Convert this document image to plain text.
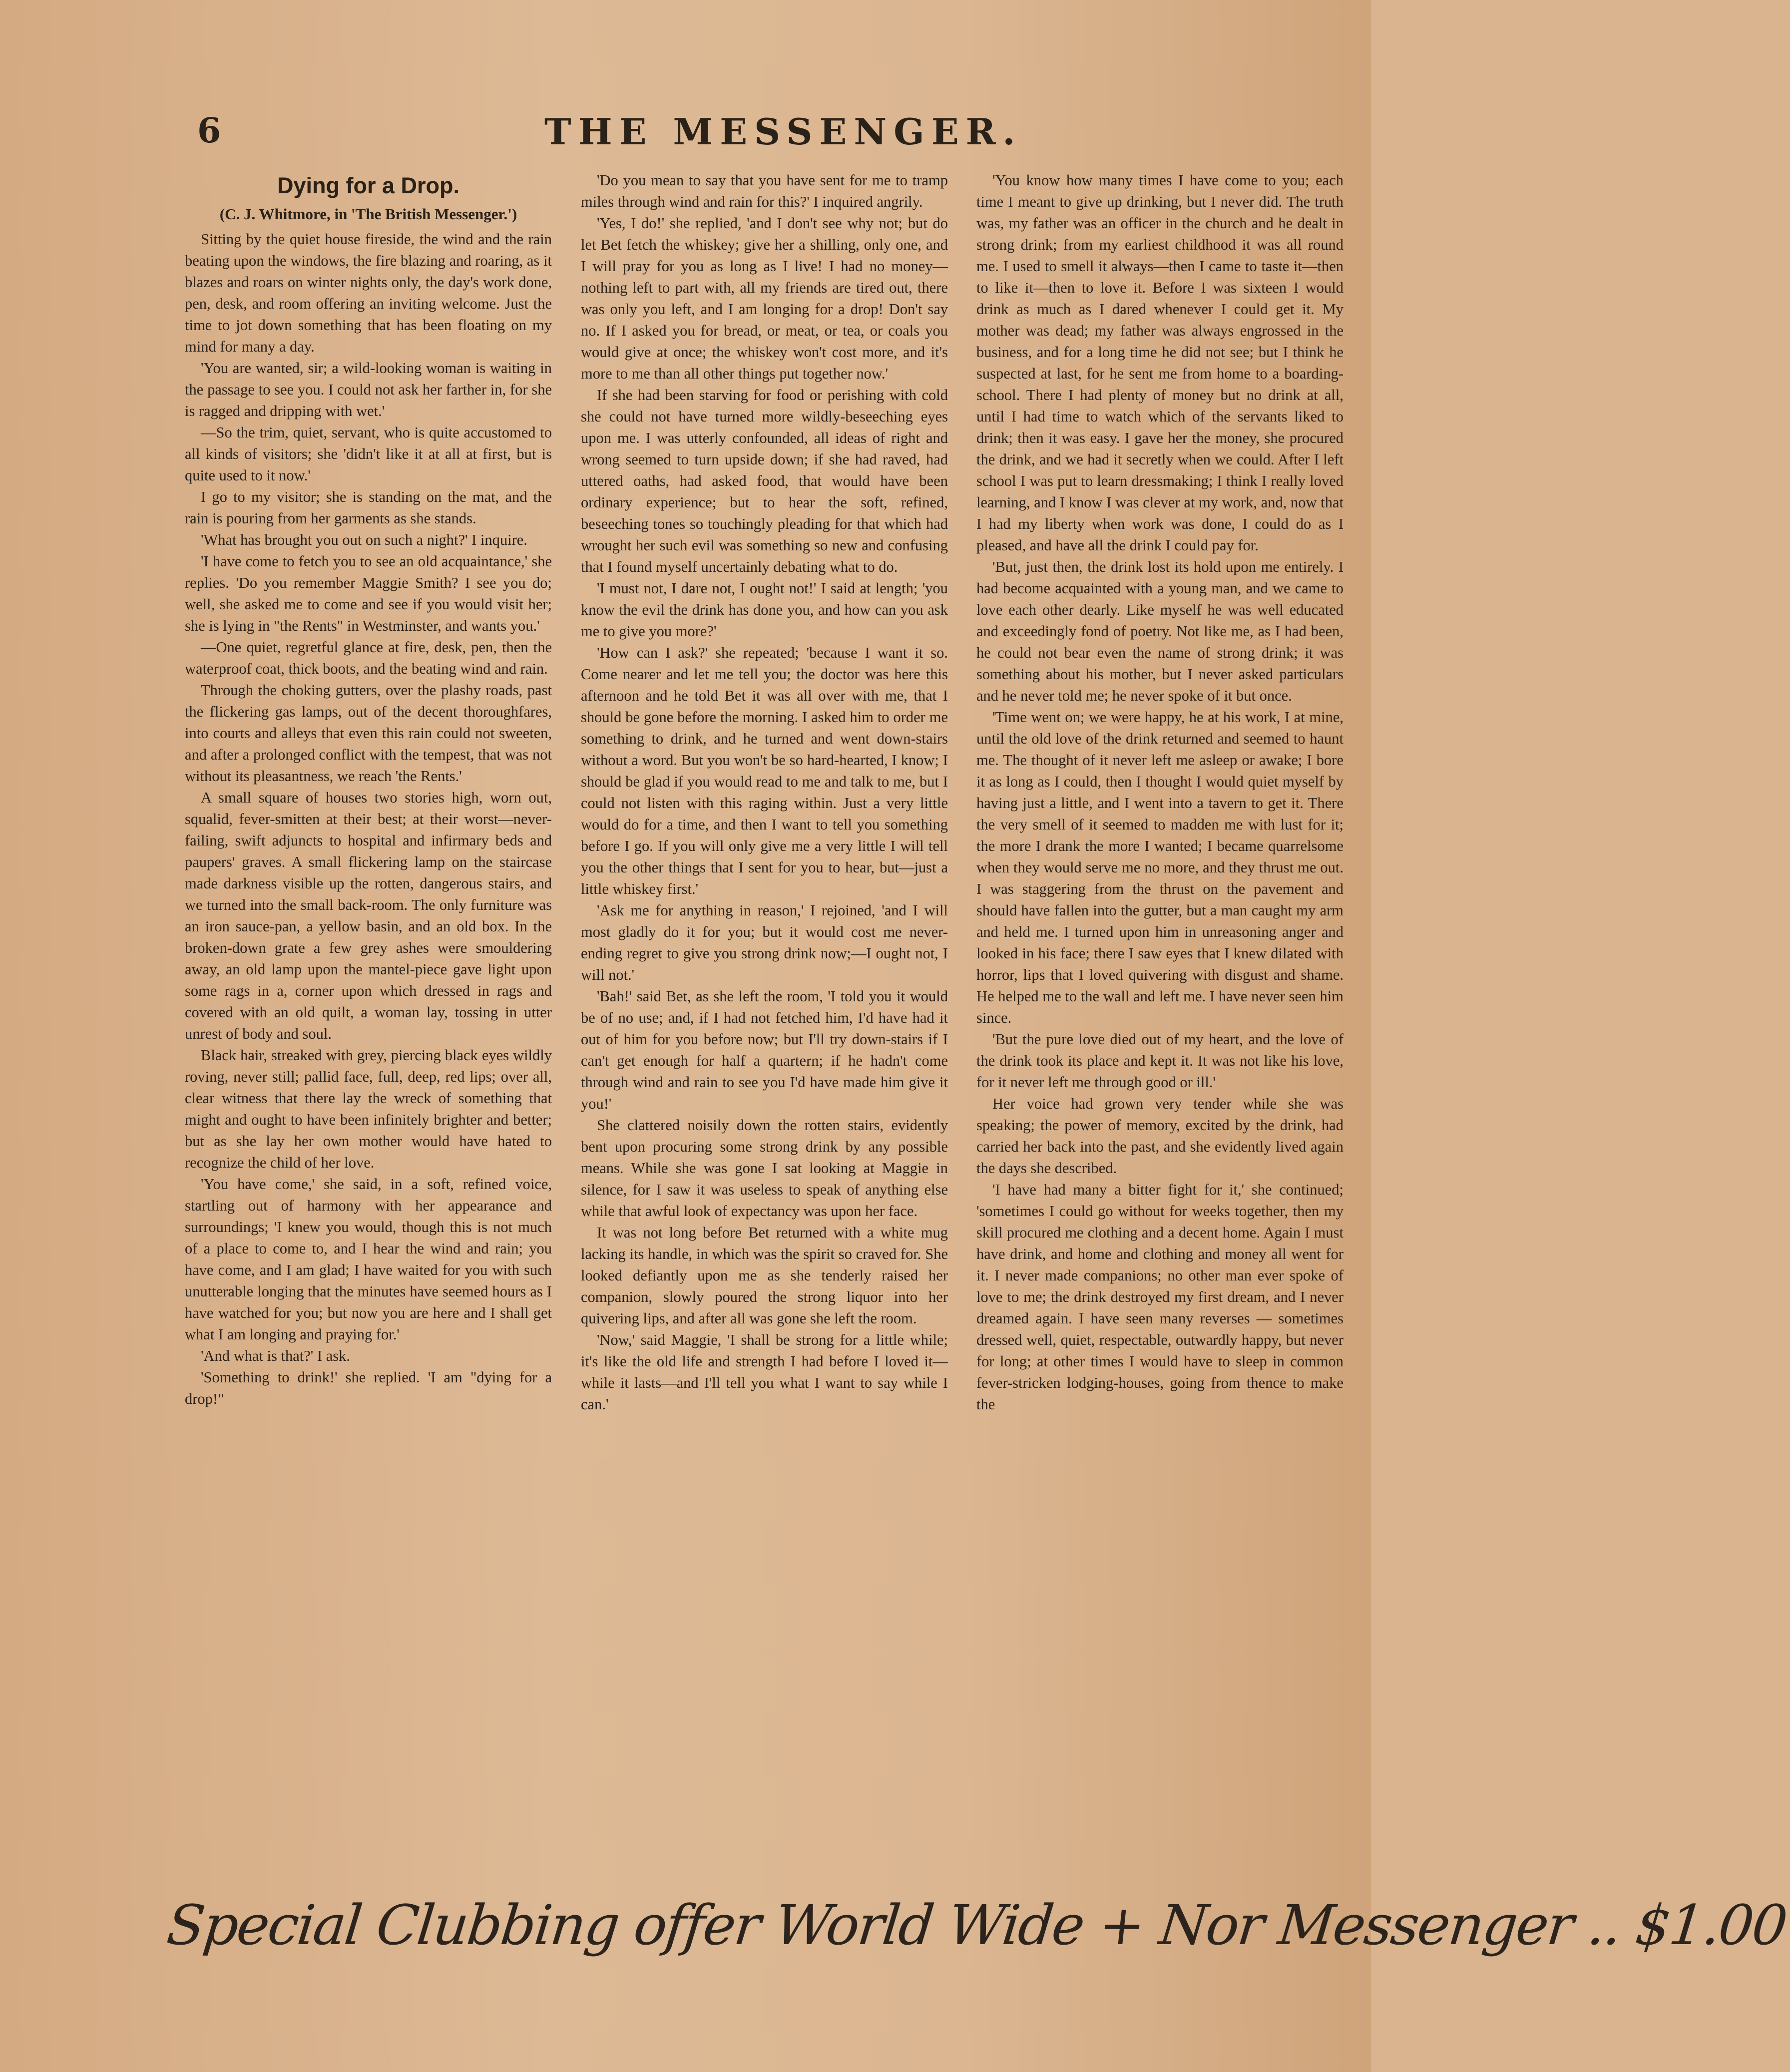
6	THE MESSENGER.
Dying for a Drop.
(C. J. Whitmore, in 'The British Messenger.')

Sitting by the quiet house fireside, the wind and the rain beating upon the windows, the fire blazing and roaring, as it blazes and roars on winter nights only, the day's work done, pen, desk, and room offering an inviting welcome. Just the time to jot down something that has been floating on my mind for many a day.

'You are wanted, sir; a wild-looking woman is waiting in the passage to see you. I could not ask her farther in, for she is ragged and dripping with wet.'

—So the trim, quiet, servant, who is quite accustomed to all kinds of visitors; she 'didn't like it at all at first, but is quite used to it now.'

I go to my visitor; she is standing on the mat, and the rain is pouring from her garments as she stands.

'What has brought you out on such a night?' I inquire.

'I have come to fetch you to see an old acquaintance,' she replies. 'Do you remember Maggie Smith? I see you do; well, she asked me to come and see if you would visit her; she is lying in "the Rents" in Westminster, and wants you.'

—One quiet, regretful glance at fire, desk, pen, then the waterproof coat, thick boots, and the beating wind and rain.

Through the choking gutters, over the plashy roads, past the flickering gas lamps, out of the decent thoroughfares, into courts and alleys that even this rain could not sweeten, and after a prolonged conflict with the tempest, that was not without its pleasantness, we reach 'the Rents.'

A small square of houses two stories high, worn out, squalid, fever-smitten at their best; at their worst—never-failing, swift adjuncts to hospital and infirmary beds and paupers' graves. A small flickering lamp on the staircase made darkness visible up the rotten, dangerous stairs, and we turned into the small back-room. The only furniture was an iron sauce-pan, a yellow basin, and an old box. In the broken-down grate a few grey ashes were smouldering away, an old lamp upon the mantel-piece gave light upon some rags in a, corner upon which dressed in rags and covered with an old quilt, a woman lay, tossing in utter unrest of body and soul.

Black hair, streaked with grey, piercing black eyes wildly roving, never still; pallid face, full, deep, red lips; over all, clear witness that there lay the wreck of something that might and ought to have been infinitely brighter and better; but as she lay her own mother would have hated to recognize the child of her love.

'You have come,' she said, in a soft, refined voice, startling out of harmony with her appearance and surroundings; 'I knew you would, though this is not much of a place to come to, and I hear the wind and rain; you have come, and I am glad; I have waited for you with such unutterable longing that the minutes have seemed hours as I have watched for you; but now you are here and I shall get what I am longing and praying for.'

'And what is that?' I ask.

'Something to drink!' she replied. 'I am "dying for a drop!"

'Do you mean to say that you have sent for me to tramp miles through wind and rain for this?' I inquired angrily.

'Yes, I do!' she replied, 'and I don't see why not; but do let Bet fetch the whiskey; give her a shilling, only one, and I will pray for you as long as I live! I had no money—nothing left to part with, all my friends are tired out, there was only you left, and I am longing for a drop! Don't say no. If I asked you for bread, or meat, or tea, or coals you would give at once; the whiskey won't cost more, and it's more to me than all other things put together now.'

If she had been starving for food or perishing with cold she could not have turned more wildly-beseeching eyes upon me. I was utterly confounded, all ideas of right and wrong seemed to turn upside down; if she had raved, had uttered oaths, had asked food, that would have been ordinary experience; but to hear the soft, refined, beseeching tones so touchingly pleading for that which had wrought her such evil was something so new and confusing that I found myself uncertainly debating what to do.

'I must not, I dare not, I ought not!' I said at length; 'you know the evil the drink has done you, and how can you ask me to give you more?'

'How can I ask?' she repeated; 'because I want it so. Come nearer and let me tell you; the doctor was here this afternoon and he told Bet it was all over with me, that I should be gone before the morning. I asked him to order me something to drink, and he turned and went down-stairs without a word. But you won't be so hard-hearted, I know; I should be glad if you would read to me and talk to me, but I could not listen with this raging within. Just a very little would do for a time, and then I want to tell you something before I go. If you will only give me a very little I will tell you the other things that I sent for you to hear, but—just a little whiskey first.'

'Ask me for anything in reason,' I rejoined, 'and I will most gladly do it for you; but it would cost me never-ending regret to give you strong drink now;—I ought not, I will not.'

'Bah!' said Bet, as she left the room, 'I told you it would be of no use; and, if I had not fetched him, I'd have had it out of him for you before now; but I'll try down-stairs if I can't get enough for half a quartern; if he hadn't come through wind and rain to see you I'd have made him give it you!'

She clattered noisily down the rotten stairs, evidently bent upon procuring some strong drink by any possible means. While she was gone I sat looking at Maggie in silence, for I saw it was useless to speak of anything else while that awful look of expectancy was upon her face.

It was not long before Bet returned with a white mug lacking its handle, in which was the spirit so craved for. She looked defiantly upon me as she tenderly raised her companion, slowly poured the strong liquor into her quivering lips, and after all was gone she left the room.

'Now,' said Maggie, 'I shall be strong for a little while; it's like the old life and strength I had before I loved it—while it lasts—and I'll tell you what I want to say while I can.'

'You know how many times I have come to you; each time I meant to give up drinking, but I never did. The truth was, my father was an officer in the church and he dealt in strong drink; from my earliest childhood it was all round me. I used to smell it always—then I came to taste it—then to like it—then to love it. Before I was sixteen I would drink as much as I dared whenever I could get it. My mother was dead; my father was always engrossed in the business, and for a long time he did not see; but I think he suspected at last, for he sent me from home to a boarding-school. There I had plenty of money but no drink at all, until I had time to watch which of the servants liked to drink; then it was easy. I gave her the money, she procured the drink, and we had it secretly when we could. After I left school I was put to learn dressmaking; I think I really loved learning, and I know I was clever at my work, and, now that I had my liberty when work was done, I could do as I pleased, and have all the drink I could pay for.

'But, just then, the drink lost its hold upon me entirely. I had become acquainted with a young man, and we came to love each other dearly. Like myself he was well educated and exceedingly fond of poetry. Not like me, as I had been, he could not bear even the name of strong drink; it was something about his mother, but I never asked particulars and he never told me; he never spoke of it but once.

'Time went on; we were happy, he at his work, I at mine, until the old love of the drink returned and seemed to haunt me. The thought of it never left me asleep or awake; I bore it as long as I could, then I thought I would quiet myself by having just a little, and I went into a tavern to get it. There the very smell of it seemed to madden me with lust for it; the more I drank the more I wanted; I became quarrelsome when they would serve me no more, and they thrust me out. I was staggering from the thrust on the pavement and should have fallen into the gutter, but a man caught my arm and held me. I turned upon him in unreasoning anger and looked in his face; there I saw eyes that I knew dilated with horror, lips that I loved quivering with disgust and shame. He helped me to the wall and left me. I have never seen him since.

'But the pure love died out of my heart, and the love of the drink took its place and kept it. It was not like his love, for it never left me through good or ill.'

Her voice had grown very tender while she was speaking; the power of memory, excited by the drink, had carried her back into the past, and she evidently lived again the days she described.

'I have had many a bitter fight for it,' she continued; 'sometimes I could go without for weeks together, then my skill procured me clothing and a decent home. Again I must have drink, and home and clothing and money all went for it. I never made companions; no other man ever spoke of love to me; the drink destroyed my first dream, and I never dreamed again. I have seen many reverses — sometimes dressed well, quiet, respectable, outwardly happy, but never for long; at other times I would have to sleep in common fever-stricken lodging-houses, going from thence to make the

Special Clubbing offer World Wide + Nor Messenger .. $1.00
